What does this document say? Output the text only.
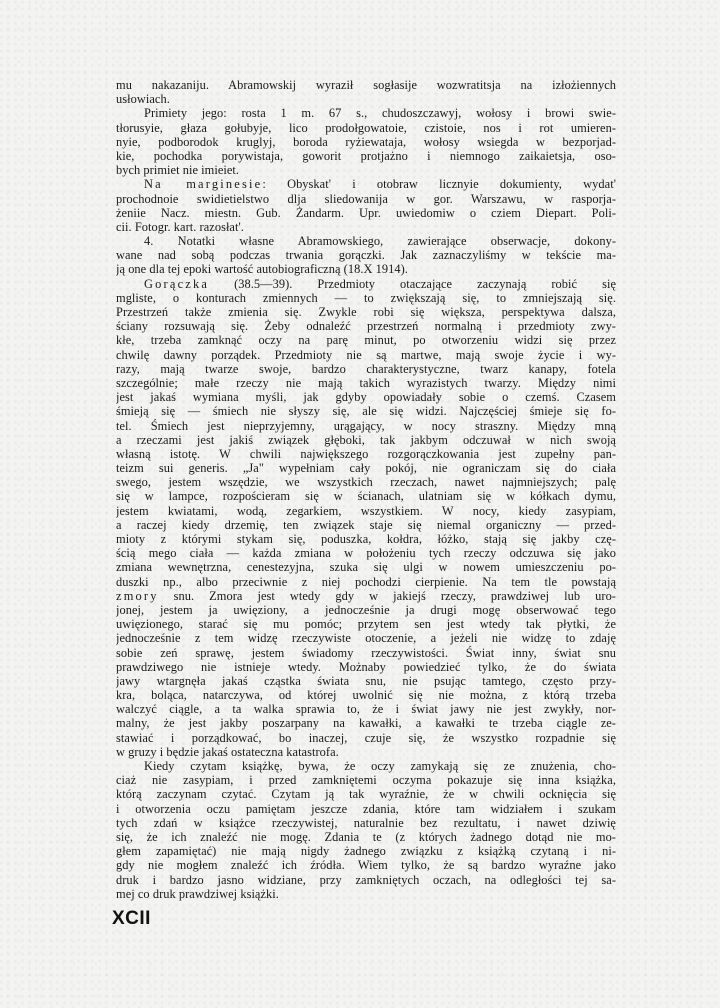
mu nakazaniju. Abramowskij wyraził sogłasije wozwratitsja na izłożiennych
usłowiach.
Primiety jego: rosta 1 m. 67 s., chudoszczawyj, wołosy i browi swie-
tłorusyie, głaza gołubyje, lico prodołgowatoie, czistoie, nos i rot umieren-
nyie, podborodok kruglyj, boroda ryżiewataja, wołosy wsiegda w bezporjad-
kie, pochodka porywistaja, goworit protjażno i niemnogo zaikaietsja, oso-
bych primiet nie imieiet.
Na marginesie: Obyskat' i otobraw licznyie dokumienty, wydat'
prochodnoie swidietielstwo dlja sliedowanija w gor. Warszawu, w rasporja-
żeniie Nacz. miestn. Gub. Żandarm. Upr. uwiedomiw o cziem Diepart. Poli-
cii. Fotogr. kart. razosłat'.
4. Notatki własne Abramowskiego, zawierające obserwacje, dokony-
wane nad sobą podczas trwania gorączki. Jak zaznaczyliśmy w tekście ma-
ją one dla tej epoki wartość autobiograficzną (18.X 1914).
Gorączka (38.5—39). Przedmioty otaczające zaczynają robić się
mgliste, o konturach zmiennych — to zwiększają się, to zmniejszają się.
Przestrzeń także zmienia się. Zwykle robi się większa, perspektywa dalsza,
ściany rozsuwają się. Żeby odnaleźć przestrzeń normalną i przedmioty zwy-
kłe, trzeba zamknąć oczy na parę minut, po otworzeniu widzi się przez
chwilę dawny porządek. Przedmioty nie są martwe, mają swoje życie i wy-
razy, mają twarze swoje, bardzo charakterystyczne, twarz kanapy, fotela
szczególnie; małe rzeczy nie mają takich wyrazistych twarzy. Między nimi
jest jakaś wymiana myśli, jak gdyby opowiadały sobie o czemś. Czasem
śmieją się — śmiech nie słyszy się, ale się widzi. Najczęściej śmieje się fo-
tel. Śmiech jest nieprzyjemny, urągający, w nocy straszny. Między mną
a rzeczami jest jakiś związek głęboki, tak jakbym odczuwał w nich swoją
własną istotę. W chwili największego rozgorączkowania jest zupełny pan-
teizm sui generis. „Ja" wypełniam cały pokój, nie ograniczam się do ciała
swego, jestem wszędzie, we wszystkich rzeczach, nawet najmniejszych; palę
się w lampce, rozpościeram się w ścianach, ulatniam się w kółkach dymu,
jestem kwiatami, wodą, zegarkiem, wszystkiem. W nocy, kiedy zasypiam,
a raczej kiedy drzemię, ten związek staje się niemal organiczny — przed-
mioty z którymi stykam się, poduszka, kołdra, łóżko, stają się jakby czę-
ścią mego ciała — każda zmiana w położeniu tych rzeczy odczuwa się jako
zmiana wewnętrzna, cenestezyjna, szuka się ulgi w nowem umieszczeniu po-
duszki np., albo przeciwnie z niej pochodzi cierpienie. Na tem tle powstają
zmory snu. Zmora jest wtedy gdy w jakiejś rzeczy, prawdziwej lub uro-
jonej, jestem ja uwięziony, a jednocześnie ja drugi mogę obserwować tego
uwięzionego, starać się mu pomóc; przytem sen jest wtedy tak płytki, że
jednocześnie z tem widzę rzeczywiste otoczenie, a jeżeli nie widzę to zdaję
sobie zeń sprawę, jestem świadomy rzeczywistości. Świat inny, świat snu
prawdziwego nie istnieje wtedy. Możnaby powiedzieć tylko, że do świata
jawy wtargnęła jakaś cząstka świata snu, nie psując tamtego, często przy-
kra, boląca, natarczywa, od której uwolnić się nie można, z którą trzeba
walczyć ciągle, a ta walka sprawia to, że i świat jawy nie jest zwykły, nor-
malny, że jest jakby poszarpany na kawałki, a kawałki te trzeba ciągle ze-
stawiać i porządkować, bo inaczej, czuje się, że wszystko rozpadnie się
w gruzy i będzie jakaś ostateczna katastrofa.
Kiedy czytam książkę, bywa, że oczy zamykają się ze znużenia, cho-
ciaż nie zasypiam, i przed zamkniętemi oczyma pokazuje się inna książka,
którą zaczynam czytać. Czytam ją tak wyraźnie, że w chwili ocknięcia się
i otworzenia oczu pamiętam jeszcze zdania, które tam widziałem i szukam
tych zdań w książce rzeczywistej, naturalnie bez rezultatu, i nawet dziwię
się, że ich znaleźć nie mogę. Zdania te (z których żadnego dotąd nie mo-
głem zapamiętać) nie mają nigdy żadnego związku z książką czytaną i ni-
gdy nie mogłem znaleźć ich źródła. Wiem tylko, że są bardzo wyraźne jako
druk i bardzo jasno widziane, przy zamkniętych oczach, na odległości tej sa-
mej co druk prawdziwej książki.
XCII
